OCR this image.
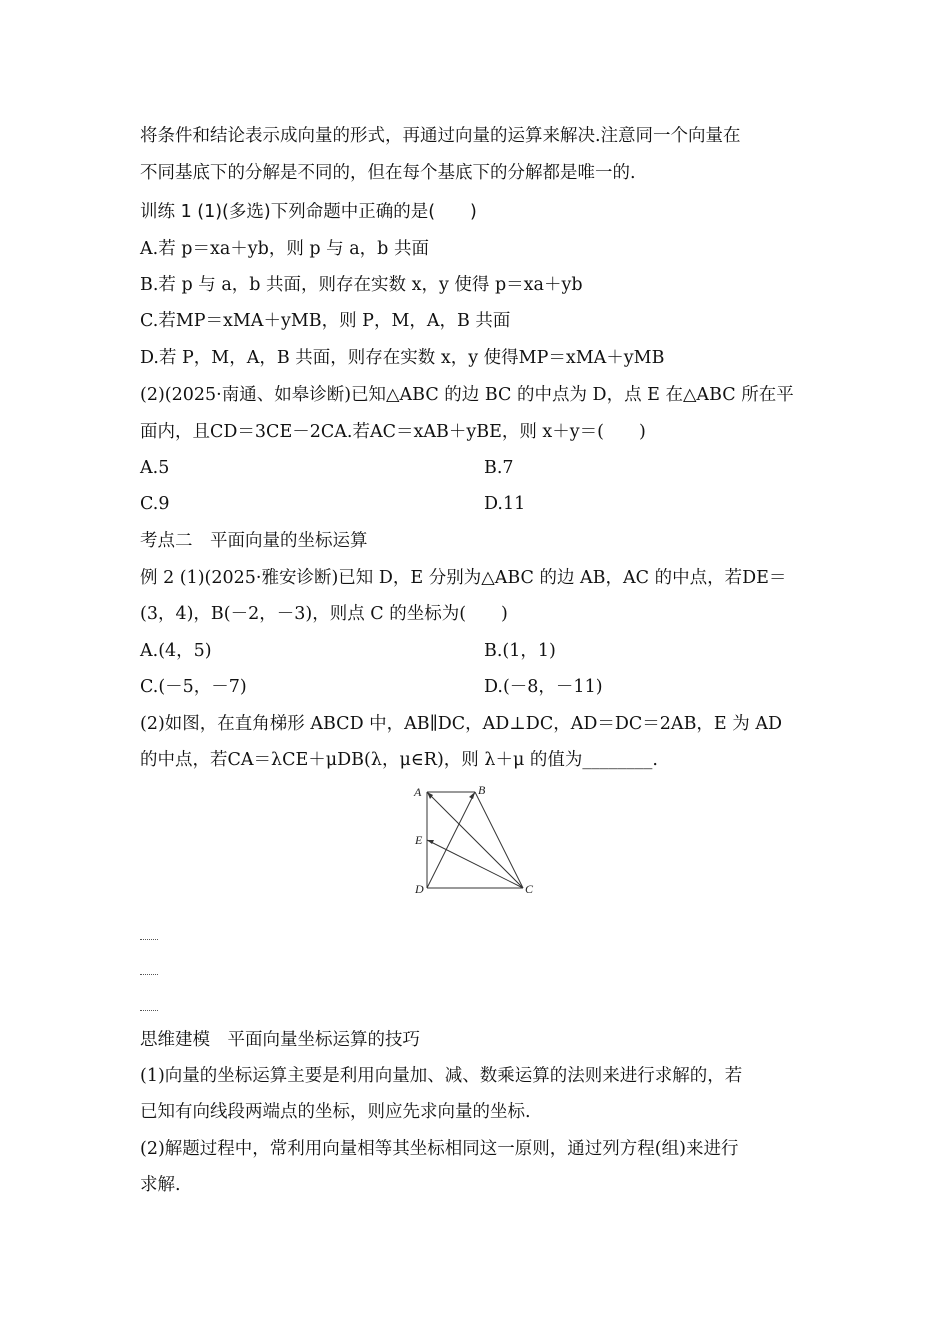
将条件和结论表示成向量的形式，再通过向量的运算来解决.注意同一个向量在
不同基底下的分解是不同的，但在每个基底下的分解都是唯一的.
训练 1 (1)(多选)下列命题中正确的是(　　)
A.若 p＝xa＋yb，则 p 与 a，b 共面
B.若 p 与 a，b 共面，则存在实数 x，y 使得 p＝xa＋yb
C.若MP＝xMA＋yMB，则 P，M，A，B 共面
D.若 P，M，A，B 共面，则存在实数 x，y 使得MP＝xMA＋yMB
(2)(2025·南通、如皋诊断)已知△ABC 的边 BC 的中点为 D，点 E 在△ABC 所在平
面内，且CD＝3CE－2CA.若AC＝xAB＋yBE，则 x＋y＝(　　)
A.5	B.7
C.9	D.11
考点二　平面向量的坐标运算
例 2 (1)(2025·雅安诊断)已知 D，E 分别为△ABC 的边 AB，AC 的中点，若DE＝
(3，4)，B(－2，－3)，则点 C 的坐标为(　　)
A.(4，5)	B.(1，1)
C.(－5，－7)	D.(－8，－11)
(2)如图，在直角梯形 ABCD 中，AB∥DC，AD⊥DC，AD＝DC＝2AB，E 为 AD
的中点，若CA＝λCE＋μDB(λ，μ∈R)，则 λ＋μ 的值为________.
A	B
E
D	C
思维建模　平面向量坐标运算的技巧
(1)向量的坐标运算主要是利用向量加、减、数乘运算的法则来进行求解的，若
已知有向线段两端点的坐标，则应先求向量的坐标.
(2)解题过程中，常利用向量相等其坐标相同这一原则，通过列方程(组)来进行
求解.
